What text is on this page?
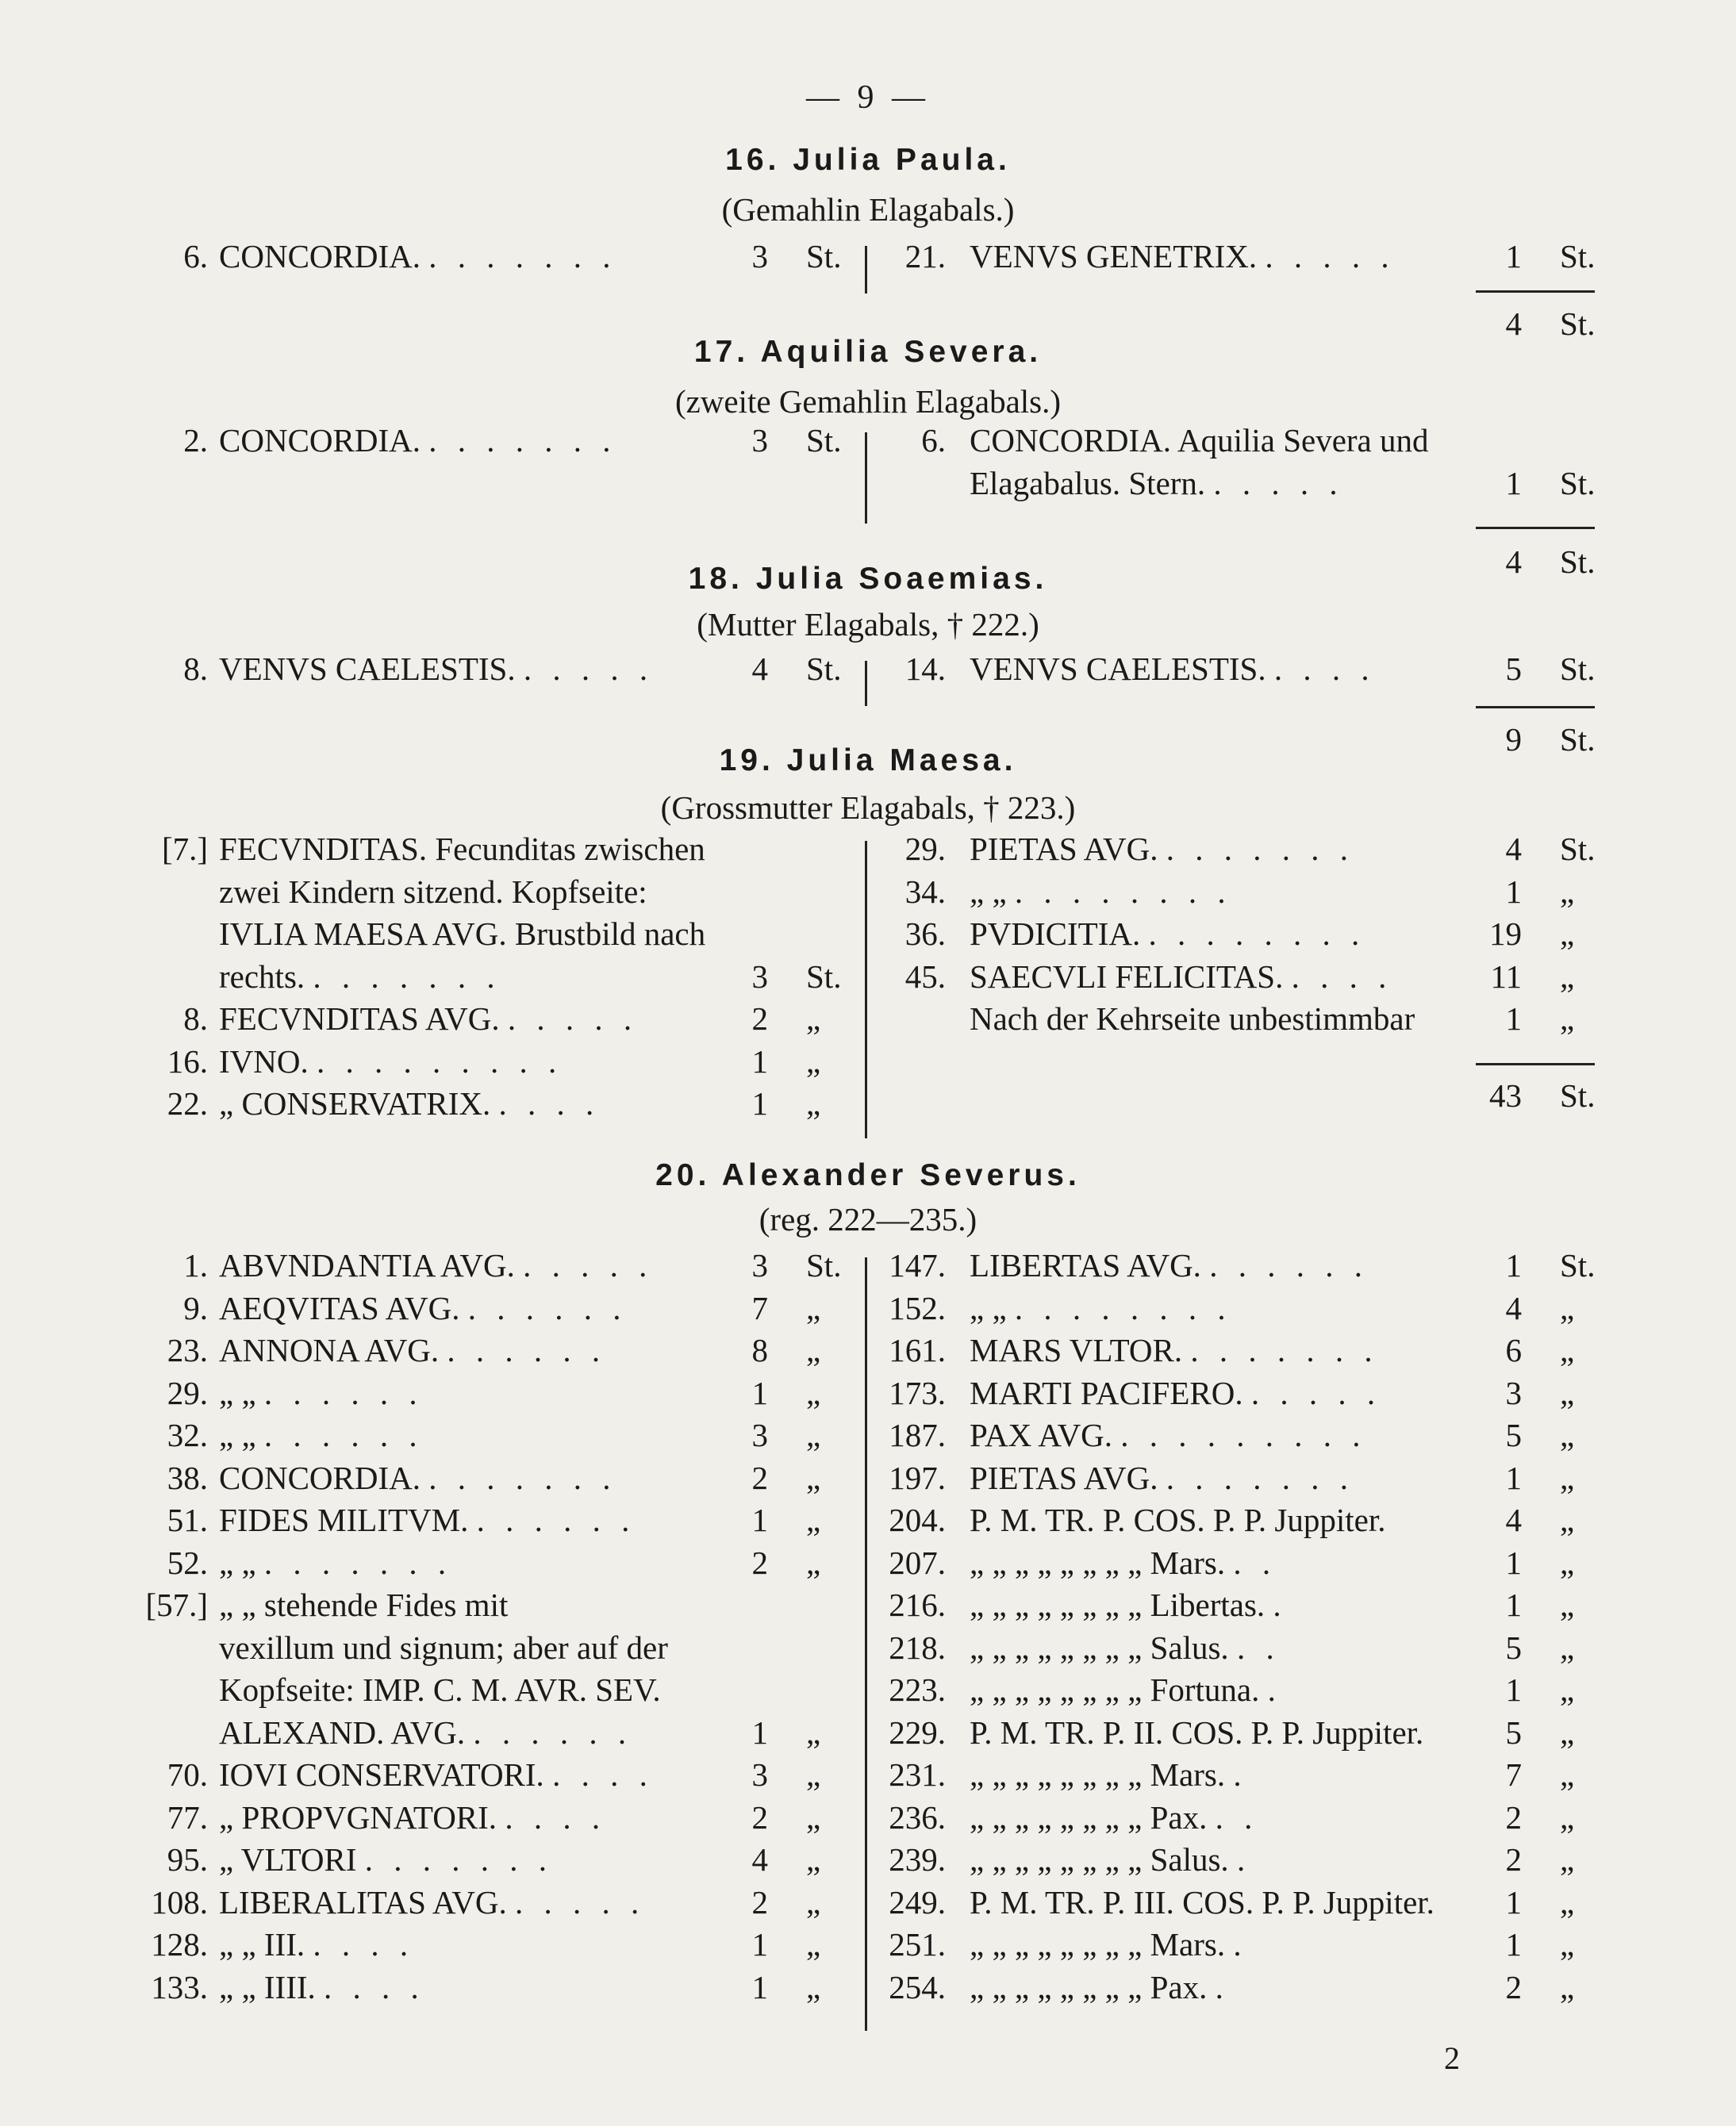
— 9 —
16. Julia Paula.
(Gemahlin Elagabals.)
6. CONCORDIA. . . . . . . .	3 St.	21. VENVS GENETRIX. . . . . .	1 St.
4 St.
17. Aquilia Severa.
(zweite Gemahlin Elagabals.)
2. CONCORDIA. . . . . . . .	3 St.	6. CONCORDIA. Aquilia Severa und
Elagabalus. Stern. . . . . .	1 St.
4 St.
18. Julia Soaemias.
(Mutter Elagabals, † 222.)
8. VENVS CAELESTIS. . . . . .	4 St.	14. VENVS CAELESTIS. . . . .	5 St.
9 St.
19. Julia Maesa.
(Grossmutter Elagabals, † 223.)
[7.] FECVNDITAS. Fecunditas zwischen
zwei Kindern sitzend. Kopfseite:
IVLIA MAESA AVG. Brustbild nach
rechts. . . . . . . .	3 St.
8. FECVNDITAS AVG. . . . . .	2 „
16. IVNO. . . . . . . . . .	1 „
22. „ CONSERVATRIX. . . . .	1 „
29. PIETAS AVG. . . . . . . .	4 St.
34. „ „ . . . . . . . .	1 „
36. PVDICITIA. . . . . . . . .	19 „
45. SAECVLI FELICITAS. . . . .	11 „
Nach der Kehrseite unbestimmbar	1 „
43 St.
20. Alexander Severus.
(reg. 222—235.)
1. ABVNDANTIA AVG. . . . . .	3 St.
9. AEQVITAS AVG. . . . . . .	7 „
23. ANNONA AVG. . . . . . .	8 „
29. „ „ . . . . . .	1 „
32. „ „ . . . . . .	3 „
38. CONCORDIA. . . . . . . .	2 „
51. FIDES MILITVM. . . . . . .	1 „
52. „ „ . . . . . . .	2 „
[57.] „ „ stehende Fides mit
vexillum und signum; aber auf der
Kopfseite: IMP. C. M. AVR. SEV.
ALEXAND. AVG. . . . . . .	1 „
70. IOVI CONSERVATORI. . . . .	3 „
77. „ PROPVGNATORI. . . . .	2 „
95. „ VLTORI . . . . . . .	4 „
108. LIBERALITAS AVG. . . . . .	2 „
128. „ „ III. . . . .	1 „
133. „ „ IIII. . . . .	1 „
147. LIBERTAS AVG. . . . . . .	1 St.
152. „ „ . . . . . . . .	4 „
161. MARS VLTOR. . . . . . . .	6 „
173. MARTI PACIFERO. . . . . .	3 „
187. PAX AVG. . . . . . . . . .	5 „
197. PIETAS AVG. . . . . . . .	1 „
204. P. M. TR. P. COS. P. P. Juppiter.	4 „
207. „ „ „ „ „ „ „ „ Mars. . .	1 „
216. „ „ „ „ „ „ „ „ Libertas. .	1 „
218. „ „ „ „ „ „ „ „ Salus. . .	5 „
223. „ „ „ „ „ „ „ „ Fortuna. .	1 „
229. P. M. TR. P. II. COS. P. P. Juppiter.	5 „
231. „ „ „ „ „ „ „ „ Mars. .	7 „
236. „ „ „ „ „ „ „ „ Pax. . .	2 „
239. „ „ „ „ „ „ „ „ Salus. .	2 „
249. P. M. TR. P. III. COS. P. P. Juppiter.	1 „
251. „ „ „ „ „ „ „ „ Mars. .	1 „
254. „ „ „ „ „ „ „ „ Pax. .	2 „
2
